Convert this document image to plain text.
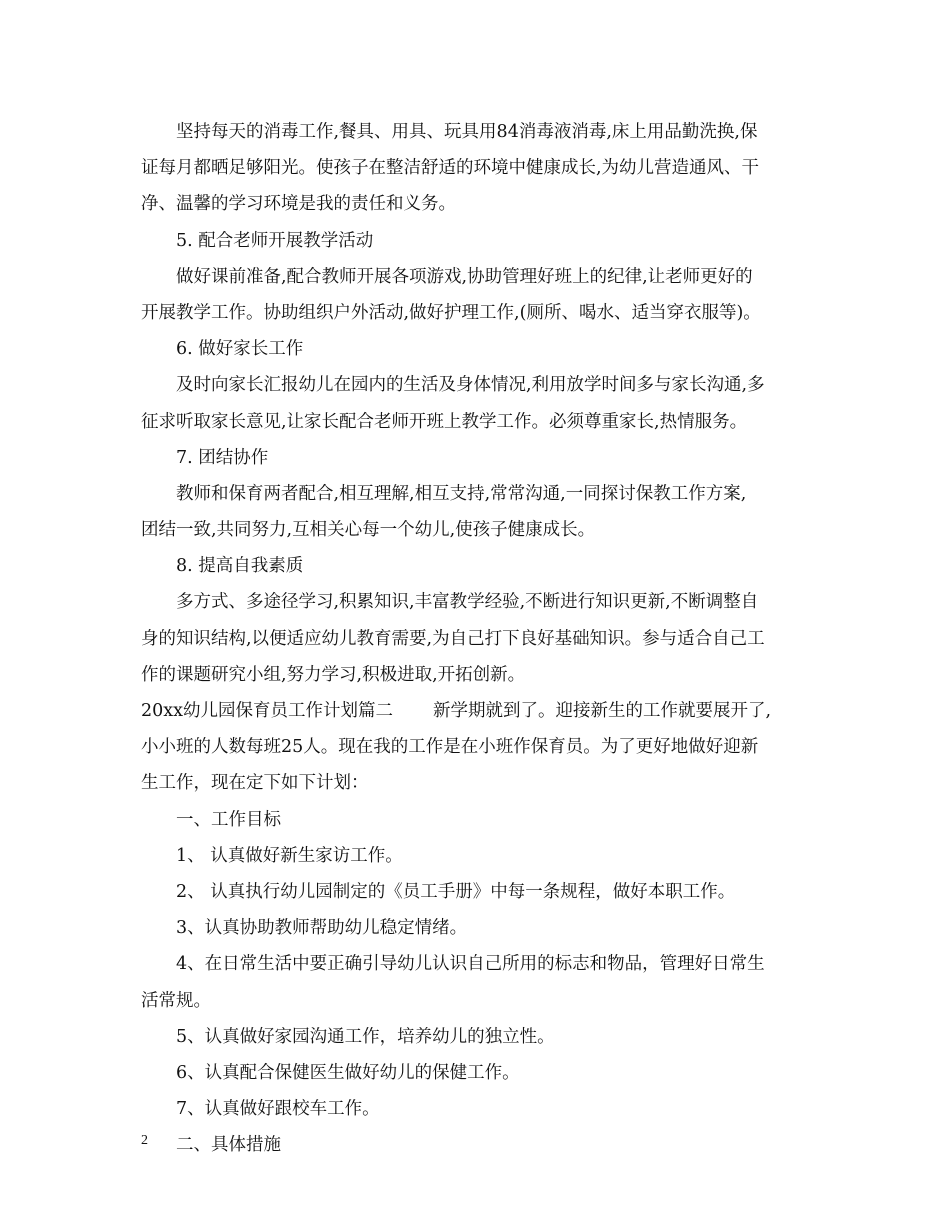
坚持每天的消毒工作,餐具、用具、玩具用84消毒液消毒,床上用品勤洗换,保
证每月都晒足够阳光。使孩子在整洁舒适的环境中健康成长,为幼儿营造通风、干
净、温馨的学习环境是我的责任和义务。
5. 配合老师开展教学活动
做好课前准备,配合教师开展各项游戏,协助管理好班上的纪律,让老师更好的
开展教学工作。协助组织户外活动,做好护理工作,(厕所、喝水、适当穿衣服等)。
6. 做好家长工作
及时向家长汇报幼儿在园内的生活及身体情况,利用放学时间多与家长沟通,多
征求听取家长意见,让家长配合老师开班上教学工作。必须尊重家长,热情服务。
7. 团结协作
教师和保育两者配合,相互理解,相互支持,常常沟通,一同探讨保教工作方案,
团结一致,共同努力,互相关心每一个幼儿,使孩子健康成长。
8. 提高自我素质
多方式、多途径学习,积累知识,丰富教学经验,不断进行知识更新,不断调整自
身的知识结构,以便适应幼儿教育需要,为自己打下良好基础知识。参与适合自己工
作的课题研究小组,努力学习,积极进取,开拓创新。
20xx幼儿园保育员工作计划篇二 新学期就到了。迎接新生的工作就要展开了,
小小班的人数每班25人。现在我的工作是在小班作保育员。为了更好地做好迎新
生工作，现在定下如下计划：
一、工作目标
1、 认真做好新生家访工作。
2、 认真执行幼儿园制定的《员工手册》中每一条规程，做好本职工作。
3、认真协助教师帮助幼儿稳定情绪。
4、在日常生活中要正确引导幼儿认识自己所用的标志和物品，管理好日常生
活常规。
5、认真做好家园沟通工作，培养幼儿的独立性。
6、认真配合保健医生做好幼儿的保健工作。
7、认真做好跟校车工作。
二、具体措施
2
